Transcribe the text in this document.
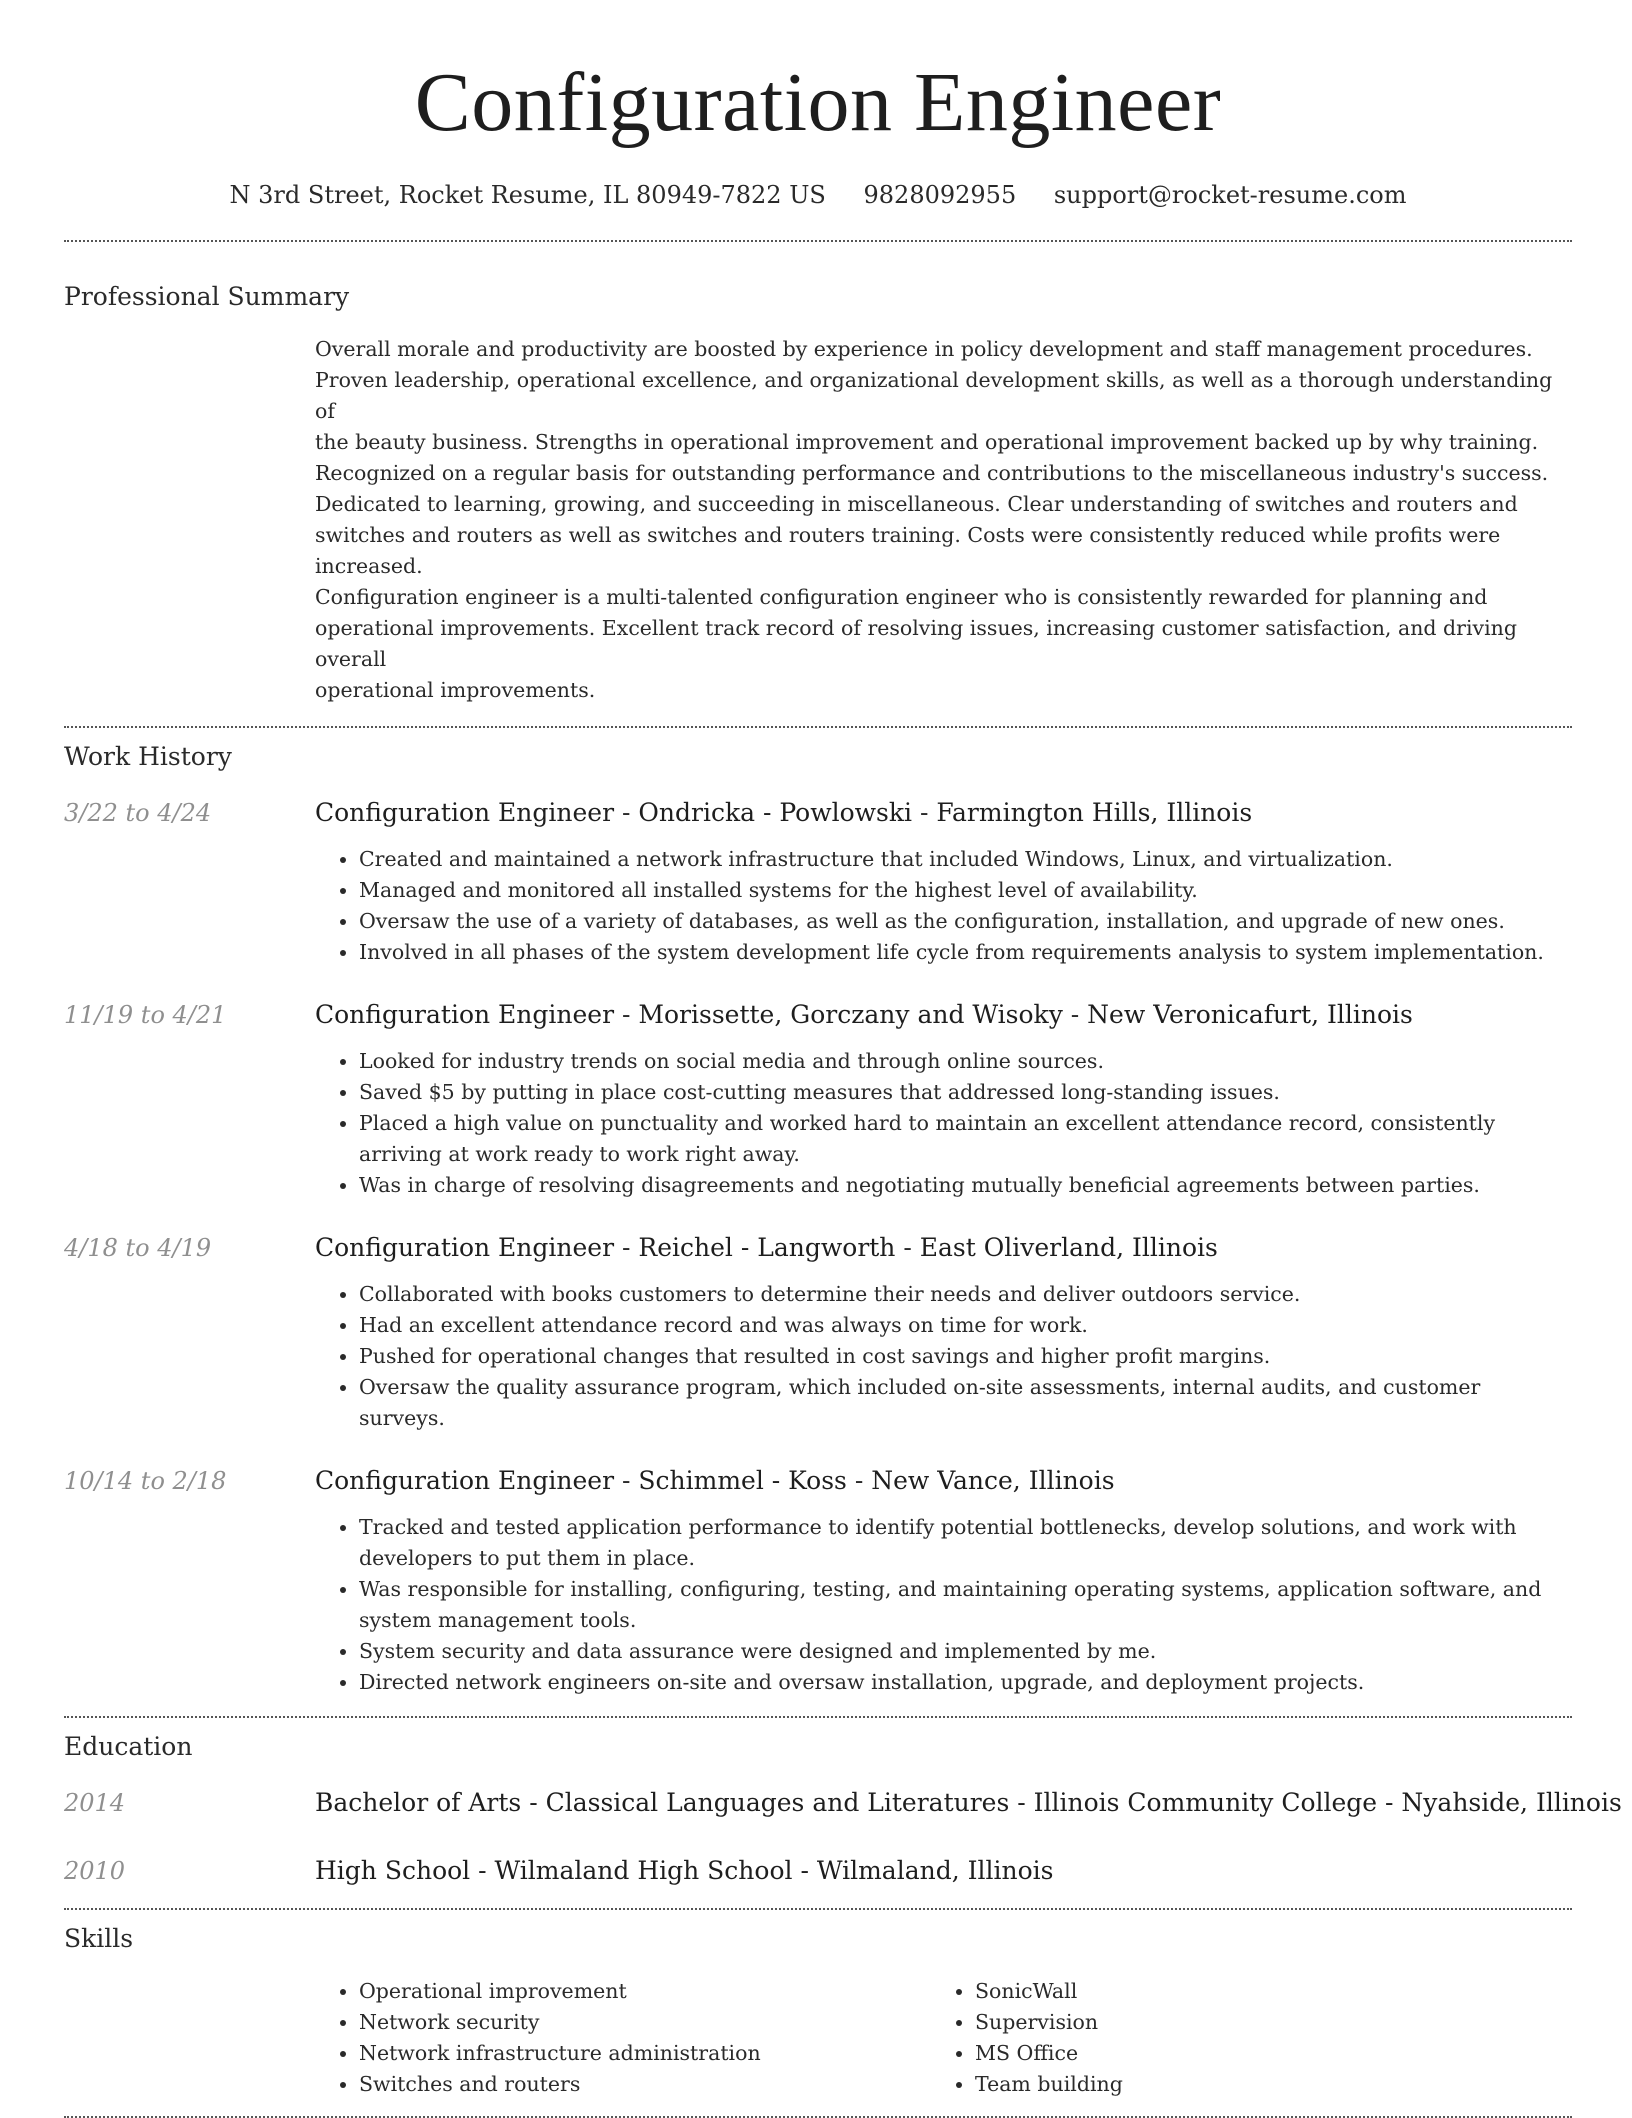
Configuration Engineer
N 3rd Street, Rocket Resume, IL 80949-7822 US 9828092955 support@rocket-resume.com
Professional Summary
Overall morale and productivity are boosted by experience in policy development and staff management procedures.
Proven leadership, operational excellence, and organizational development skills, as well as a thorough understanding of
the beauty business. Strengths in operational improvement and operational improvement backed up by why training.
Recognized on a regular basis for outstanding performance and contributions to the miscellaneous industry's success.
Dedicated to learning, growing, and succeeding in miscellaneous. Clear understanding of switches and routers and
switches and routers as well as switches and routers training. Costs were consistently reduced while profits were increased.
Configuration engineer is a multi-talented configuration engineer who is consistently rewarded for planning and
operational improvements. Excellent track record of resolving issues, increasing customer satisfaction, and driving overall
operational improvements.
Work History
3/22 to 4/24	Configuration Engineer - Ondricka - Powlowski - Farmington Hills, Illinois
• Created and maintained a network infrastructure that included Windows, Linux, and virtualization.
• Managed and monitored all installed systems for the highest level of availability.
• Oversaw the use of a variety of databases, as well as the configuration, installation, and upgrade of new ones.
• Involved in all phases of the system development life cycle from requirements analysis to system implementation.
11/19 to 4/21	Configuration Engineer - Morissette, Gorczany and Wisoky - New Veronicafurt, Illinois
• Looked for industry trends on social media and through online sources.
• Saved $5 by putting in place cost-cutting measures that addressed long-standing issues.
• Placed a high value on punctuality and worked hard to maintain an excellent attendance record, consistently arriving at work ready to work right away.
• Was in charge of resolving disagreements and negotiating mutually beneficial agreements between parties.
4/18 to 4/19	Configuration Engineer - Reichel - Langworth - East Oliverland, Illinois
• Collaborated with books customers to determine their needs and deliver outdoors service.
• Had an excellent attendance record and was always on time for work.
• Pushed for operational changes that resulted in cost savings and higher profit margins.
• Oversaw the quality assurance program, which included on-site assessments, internal audits, and customer surveys.
10/14 to 2/18	Configuration Engineer - Schimmel - Koss - New Vance, Illinois
• Tracked and tested application performance to identify potential bottlenecks, develop solutions, and work with developers to put them in place.
• Was responsible for installing, configuring, testing, and maintaining operating systems, application software, and system management tools.
• System security and data assurance were designed and implemented by me.
• Directed network engineers on-site and oversaw installation, upgrade, and deployment projects.
Education
2014	Bachelor of Arts - Classical Languages and Literatures - Illinois Community College - Nyahside, Illinois
2010	High School - Wilmaland High School - Wilmaland, Illinois
Skills
• Operational improvement
• Network security
• Network infrastructure administration
• Switches and routers
• SonicWall
• Supervision
• MS Office
• Team building
